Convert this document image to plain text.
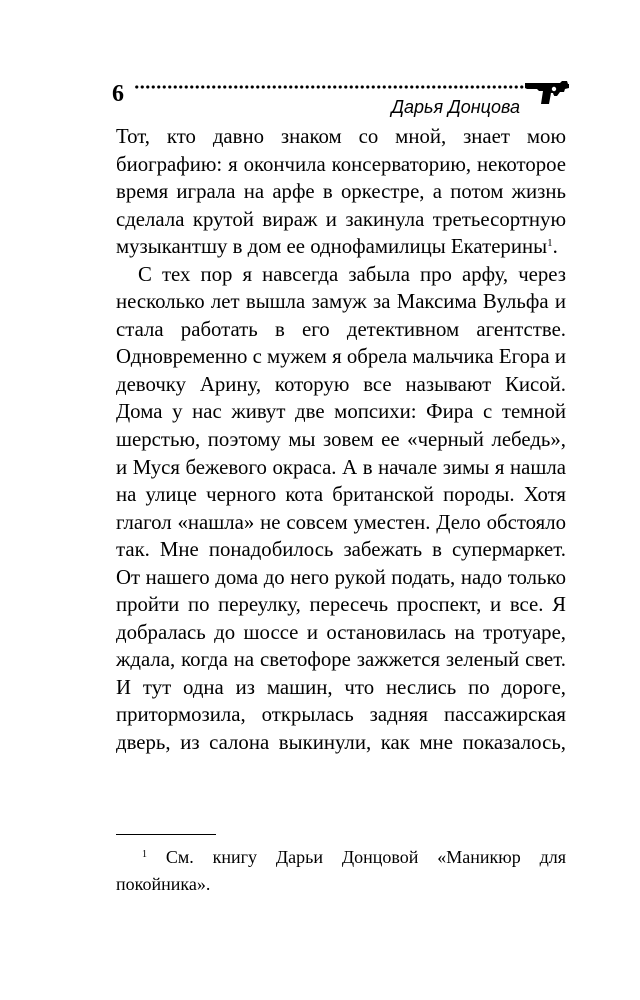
6	Дарья Донцова

Тот, кто давно знаком со мной, знает мою биографию: я окончила консерваторию, некоторое время играла на арфе в оркестре, а потом жизнь сделала крутой вираж и закинула третьесортную музыкантшу в дом ее однофамилицы Екатерины$^1$.

С тех пор я навсегда забыла про арфу, через несколько лет вышла замуж за Максима Вульфа и стала работать в его детективном агентстве. Одновременно с мужем я обрела мальчика Егора и девочку Арину, которую все называют Кисой. Дома у нас живут две мопсихи: Фира с темной шерстью, поэтому мы зовем ее «черный лебедь», и Муся бежевого окраса. А в начале зимы я нашла на улице черного кота британской породы. Хотя глагол «нашла» не совсем уместен. Дело обстояло так. Мне понадобилось забежать в супермаркет. От нашего дома до него рукой подать, надо только пройти по переулку, пересечь проспект, и все. Я добралась до шоссе и остановилась на тротуаре, ждала, когда на светофоре зажжется зеленый свет. И тут одна из машин, что неслись по дороге, притормозила, открылась задняя пассажирская дверь, из салона выкинули, как мне показалось,

$^1$ См. книгу Дарьи Донцовой «Маникюр для покойника».
